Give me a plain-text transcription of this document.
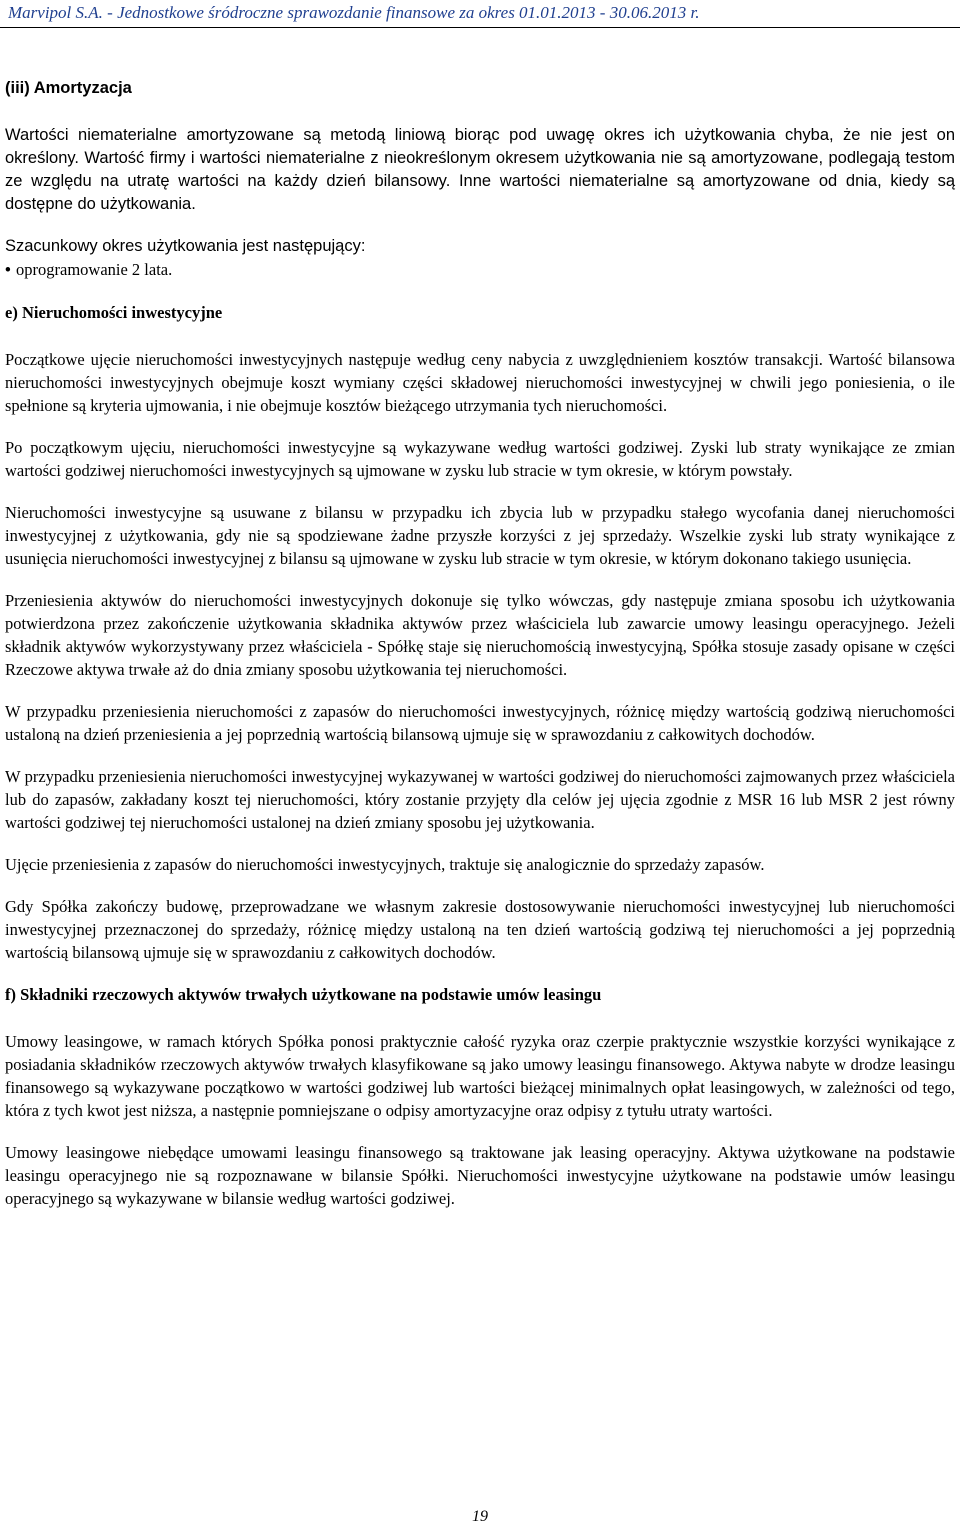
Marvipol S.A. - Jednostkowe śródroczne sprawozdanie finansowe za okres 01.01.2013 - 30.06.2013 r.
(iii) Amortyzacja

Wartości niematerialne amortyzowane są metodą liniową biorąc pod uwagę okres ich użytkowania chyba, że nie jest on określony. Wartość firmy i wartości niematerialne z nieokreślonym okresem użytkowania nie są amortyzowane, podlegają testom ze względu na utratę wartości na każdy dzień bilansowy. Inne wartości niematerialne są amortyzowane od dnia, kiedy są dostępne do użytkowania.

Szacunkowy okres użytkowania jest następujący:

• oprogramowanie 2 lata.
e) Nieruchomości inwestycyjne

Początkowe ujęcie nieruchomości inwestycyjnych następuje według ceny nabycia z uwzględnieniem kosztów transakcji. Wartość bilansowa nieruchomości inwestycyjnych obejmuje koszt wymiany części składowej nieruchomości inwestycyjnej w chwili jego poniesienia, o ile spełnione są kryteria ujmowania, i nie obejmuje kosztów bieżącego utrzymania tych nieruchomości.

Po początkowym ujęciu, nieruchomości inwestycyjne są wykazywane według wartości godziwej. Zyski lub straty wynikające ze zmian wartości godziwej nieruchomości inwestycyjnych są ujmowane w zysku lub stracie w tym okresie, w którym powstały.

Nieruchomości inwestycyjne są usuwane z bilansu w przypadku ich zbycia lub w przypadku stałego wycofania danej nieruchomości inwestycyjnej z użytkowania, gdy nie są spodziewane żadne przyszłe korzyści z jej sprzedaży. Wszelkie zyski lub straty wynikające z usunięcia nieruchomości inwestycyjnej z bilansu są ujmowane w zysku lub stracie w tym okresie, w którym dokonano takiego usunięcia.

Przeniesienia aktywów do nieruchomości inwestycyjnych dokonuje się tylko wówczas, gdy następuje zmiana sposobu ich użytkowania potwierdzona przez zakończenie użytkowania składnika aktywów przez właściciela lub zawarcie umowy leasingu operacyjnego. Jeżeli składnik aktywów wykorzystywany przez właściciela - Spółkę staje się nieruchomością inwestycyjną, Spółka stosuje zasady opisane w części Rzeczowe aktywa trwałe aż do dnia zmiany sposobu użytkowania tej nieruchomości.

W przypadku przeniesienia nieruchomości z zapasów do nieruchomości inwestycyjnych, różnicę między wartością godziwą nieruchomości ustaloną na dzień przeniesienia a jej poprzednią wartością bilansową ujmuje się w sprawozdaniu z całkowitych dochodów.

W przypadku przeniesienia nieruchomości inwestycyjnej wykazywanej w wartości godziwej do nieruchomości zajmowanych przez właściciela lub do zapasów, zakładany koszt tej nieruchomości, który zostanie przyjęty dla celów jej ujęcia zgodnie z MSR 16 lub MSR 2 jest równy wartości godziwej tej nieruchomości ustalonej na dzień zmiany sposobu jej użytkowania.

Ujęcie przeniesienia z zapasów do nieruchomości inwestycyjnych, traktuje się analogicznie do sprzedaży zapasów.

Gdy Spółka zakończy budowę, przeprowadzane we własnym zakresie dostosowywanie nieruchomości inwestycyjnej lub nieruchomości inwestycyjnej przeznaczonej do sprzedaży, różnicę między ustaloną na ten dzień wartością godziwą tej nieruchomości a jej poprzednią wartością bilansową ujmuje się w sprawozdaniu z całkowitych dochodów.

f) Składniki rzeczowych aktywów trwałych użytkowane na podstawie umów leasingu

Umowy leasingowe, w ramach których Spółka ponosi praktycznie całość ryzyka oraz czerpie praktycznie wszystkie korzyści wynikające z posiadania składników rzeczowych aktywów trwałych klasyfikowane są jako umowy leasingu finansowego. Aktywa nabyte w drodze leasingu finansowego są wykazywane początkowo w wartości godziwej lub wartości bieżącej minimalnych opłat leasingowych, w zależności od tego, która z tych kwot jest niższa, a następnie pomniejszane o odpisy amortyzacyjne oraz odpisy z tytułu utraty wartości.

Umowy leasingowe niebędące umowami leasingu finansowego są traktowane jak leasing operacyjny. Aktywa użytkowane na podstawie leasingu operacyjnego nie są rozpoznawane w bilansie Spółki. Nieruchomości inwestycyjne użytkowane na podstawie umów leasingu operacyjnego są wykazywane w bilansie według wartości godziwej.

19
